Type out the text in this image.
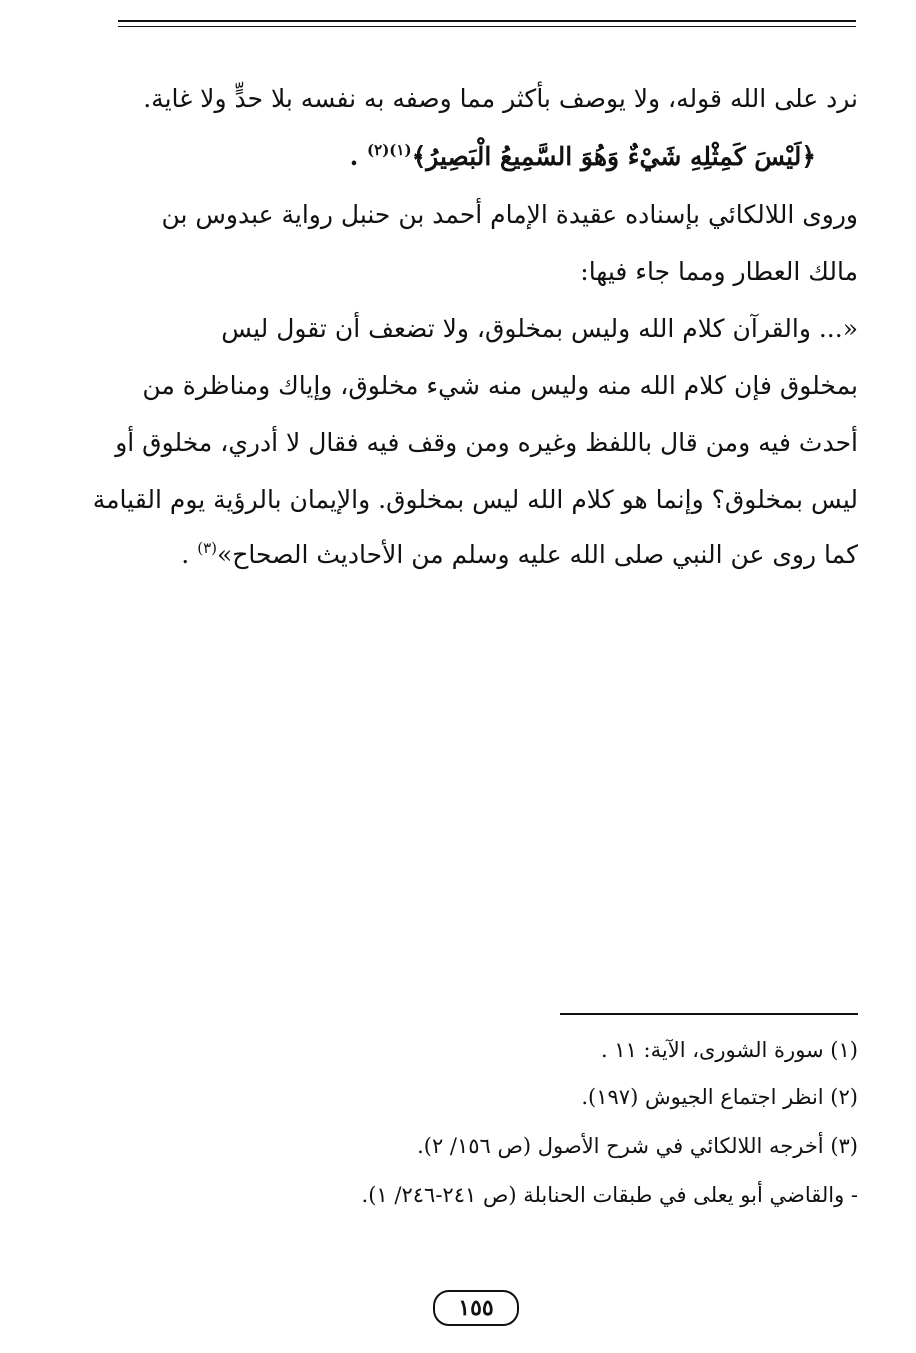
نرد على الله قوله، ولا يوصف بأكثر مما وصفه به نفسه بلا حدٍّ ولا غاية.
﴿لَيْسَ كَمِثْلِهِ شَيْءٌ وَهُوَ السَّمِيعُ الْبَصِيرُ﴾$^{(١)(٢)}$ .
وروى اللالكائي بإسناده عقيدة الإمام أحمد بن حنبل رواية عبدوس بن
مالك العطار ومما جاء فيها:
«... والقرآن كلام الله وليس بمخلوق، ولا تضعف أن تقول ليس
بمخلوق فإن كلام الله منه وليس منه شيء مخلوق، وإياك ومناظرة من
أحدث فيه ومن قال باللفظ وغيره ومن وقف فيه فقال لا أدري، مخلوق أو
ليس بمخلوق؟ وإنما هو كلام الله ليس بمخلوق. والإيمان بالرؤية يوم القيامة
كما روى عن النبي صلى الله عليه وسلم من الأحاديث الصحاح»$^{(٣)}$ .
(١) سورة الشورى، الآية: ١١ .
(٢) انظر اجتماع الجيوش (١٩٧).
(٣) أخرجه اللالكائي في شرح الأصول (ص ١٥٦/ ٢).
- والقاضي أبو يعلى في طبقات الحنابلة (ص ٢٤١-٢٤٦/ ١).
١٥٥
